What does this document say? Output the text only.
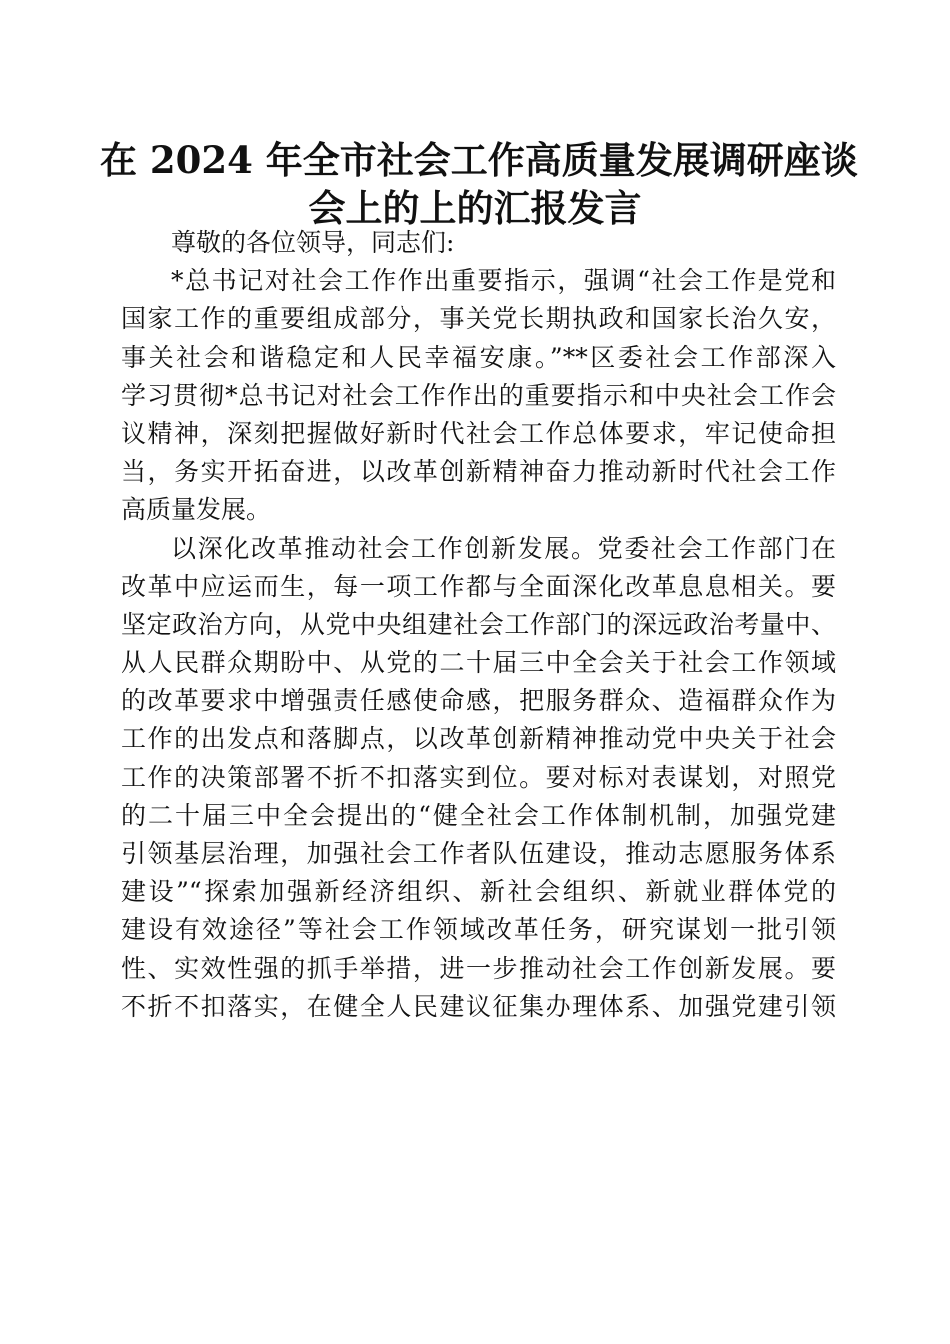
在 2024 年全市社会工作高质量发展调研座谈
会上的上的汇报发言
尊敬的各位领导，同志们:
*总书记对社会工作作出重要指示，强调“社会工作是党和
国家工作的重要组成部分，事关党长期执政和国家长治久安，
事关社会和谐稳定和人民幸福安康。”**区委社会工作部深入
学习贯彻*总书记对社会工作作出的重要指示和中央社会工作会
议精神，深刻把握做好新时代社会工作总体要求，牢记使命担
当，务实开拓奋进，以改革创新精神奋力推动新时代社会工作
高质量发展。
以深化改革推动社会工作创新发展。党委社会工作部门在
改革中应运而生，每一项工作都与全面深化改革息息相关。要
坚定政治方向，从党中央组建社会工作部门的深远政治考量中、
从人民群众期盼中、从党的二十届三中全会关于社会工作领域
的改革要求中增强责任感使命感，把服务群众、造福群众作为
工作的出发点和落脚点，以改革创新精神推动党中央关于社会
工作的决策部署不折不扣落实到位。要对标对表谋划，对照党
的二十届三中全会提出的“健全社会工作体制机制，加强党建
引领基层治理，加强社会工作者队伍建设，推动志愿服务体系
建设”“探索加强新经济组织、新社会组织、新就业群体党的
建设有效途径”等社会工作领域改革任务，研究谋划一批引领
性、实效性强的抓手举措，进一步推动社会工作创新发展。要
不折不扣落实，在健全人民建议征集办理体系、加强党建引领
